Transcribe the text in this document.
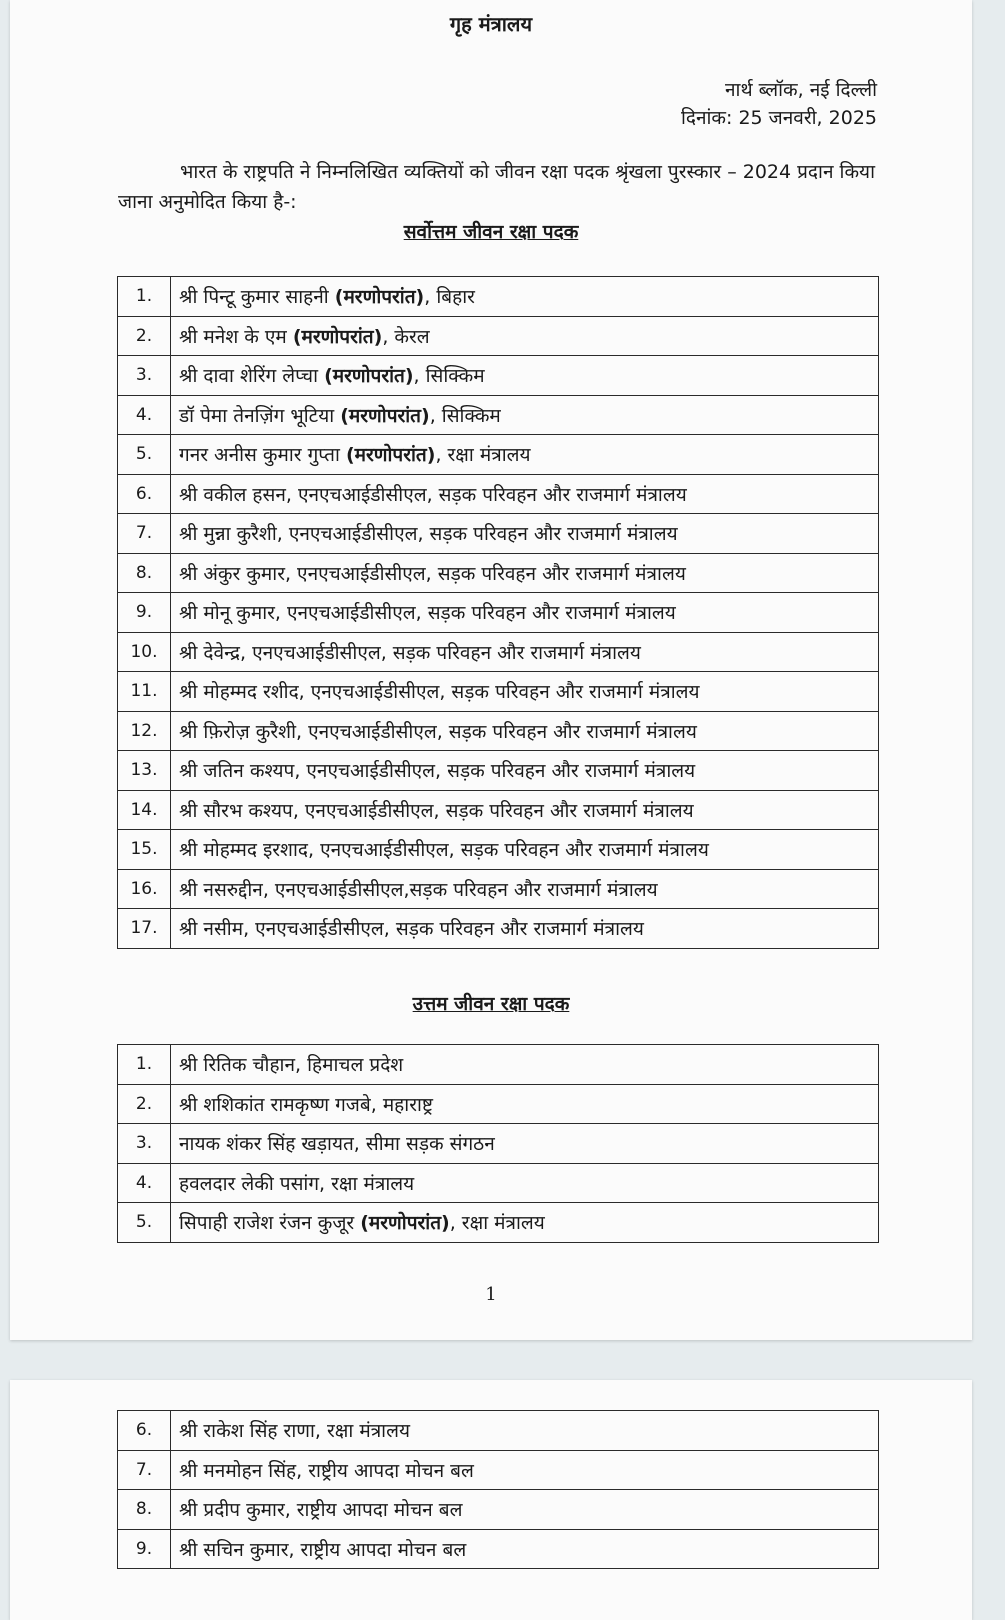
गृह मंत्रालय
नार्थ ब्लॉक, नई दिल्ली
दिनांक: 25 जनवरी, 2025
भारत के राष्ट्रपति ने निम्नलिखित व्यक्तियों को जीवन रक्षा पदक श्रृंखला पुरस्कार – 2024 प्रदान किया जाना अनुमोदित किया है-:
सर्वोत्तम जीवन रक्षा पदक
1.	श्री पिन्टू कुमार साहनी (मरणोपरांत), बिहार
2.	श्री मनेश के एम (मरणोपरांत), केरल
3.	श्री दावा शेरिंग लेप्चा (मरणोपरांत), सिक्किम
4.	डॉ पेमा तेनज़िंग भूटिया (मरणोपरांत), सिक्किम
5.	गनर अनीस कुमार गुप्ता (मरणोपरांत), रक्षा मंत्रालय
6.	श्री वकील हसन, एनएचआईडीसीएल, सड़क परिवहन और राजमार्ग मंत्रालय
7.	श्री मुन्ना कुरैशी, एनएचआईडीसीएल, सड़क परिवहन और राजमार्ग मंत्रालय
8.	श्री अंकुर कुमार, एनएचआईडीसीएल, सड़क परिवहन और राजमार्ग मंत्रालय
9.	श्री मोनू कुमार, एनएचआईडीसीएल, सड़क परिवहन और राजमार्ग मंत्रालय
10.	श्री देवेन्द्र, एनएचआईडीसीएल, सड़क परिवहन और राजमार्ग मंत्रालय
11.	श्री मोहम्मद रशीद, एनएचआईडीसीएल, सड़क परिवहन और राजमार्ग मंत्रालय
12.	श्री फ़िरोज़ कुरैशी, एनएचआईडीसीएल, सड़क परिवहन और राजमार्ग मंत्रालय
13.	श्री जतिन कश्यप, एनएचआईडीसीएल, सड़क परिवहन और राजमार्ग मंत्रालय
14.	श्री सौरभ कश्यप, एनएचआईडीसीएल, सड़क परिवहन और राजमार्ग मंत्रालय
15.	श्री मोहम्मद इरशाद, एनएचआईडीसीएल, सड़क परिवहन और राजमार्ग मंत्रालय
16.	श्री नसरुद्दीन, एनएचआईडीसीएल,सड़क परिवहन और राजमार्ग मंत्रालय
17.	श्री नसीम, एनएचआईडीसीएल, सड़क परिवहन और राजमार्ग मंत्रालय
उत्तम जीवन रक्षा पदक
1.	श्री रितिक चौहान, हिमाचल प्रदेश
2.	श्री शशिकांत रामकृष्ण गजबे, महाराष्ट्र
3.	नायक शंकर सिंह खड़ायत, सीमा सड़क संगठन
4.	हवलदार लेकी पसांग, रक्षा मंत्रालय
5.	सिपाही राजेश रंजन कुजूर (मरणोपरांत), रक्षा मंत्रालय
1
6.	श्री राकेश सिंह राणा, रक्षा मंत्रालय
7.	श्री मनमोहन सिंह, राष्ट्रीय आपदा मोचन बल
8.	श्री प्रदीप कुमार, राष्ट्रीय आपदा मोचन बल
9.	श्री सचिन कुमार, राष्ट्रीय आपदा मोचन बल
